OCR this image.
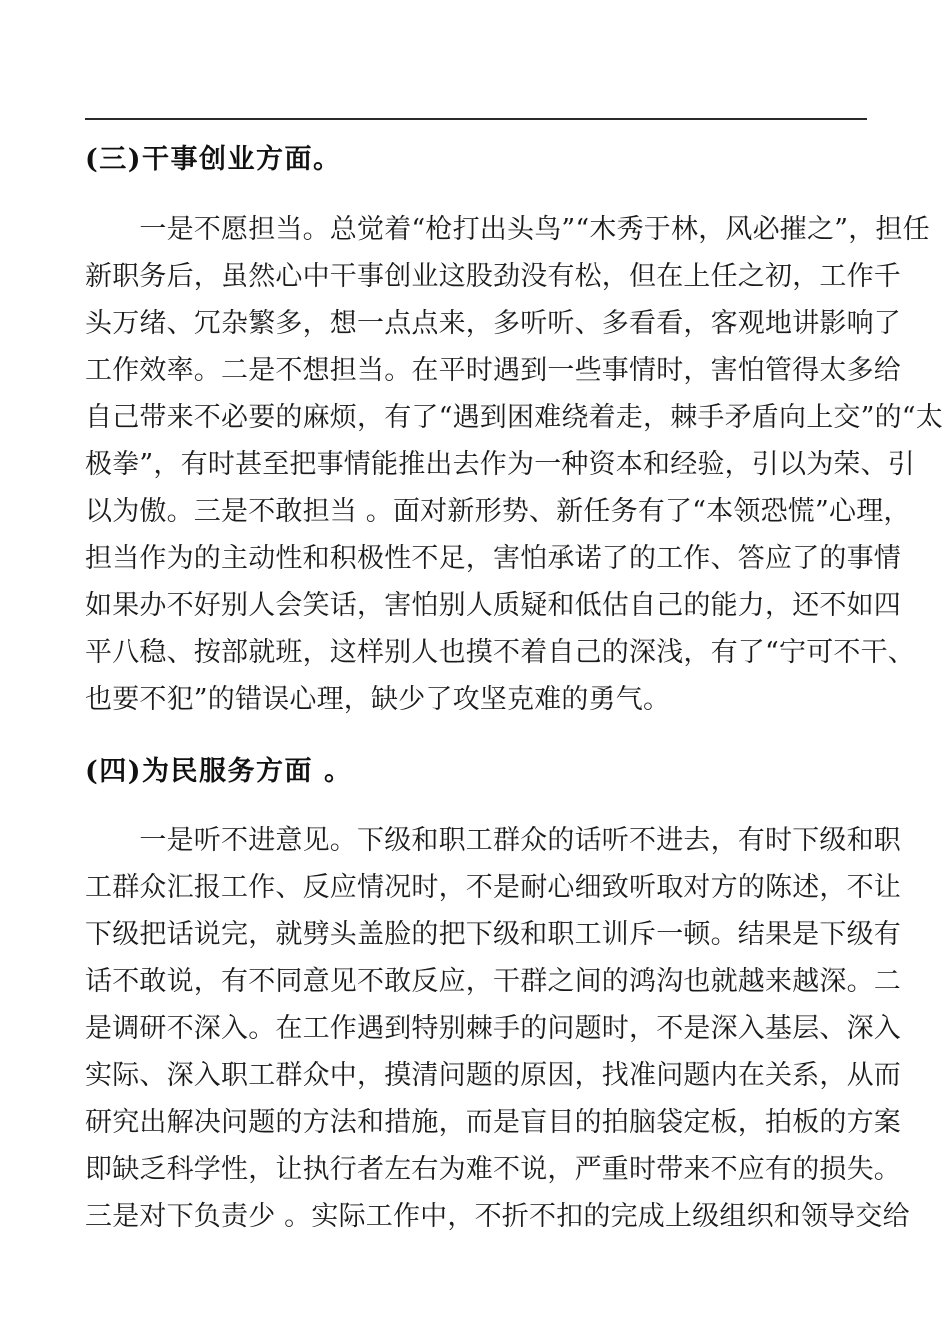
(三)干事创业方面。

　　一是不愿担当。总觉着“枪打出头鸟”“木秀于林，风必摧之”，担任
新职务后，虽然心中干事创业这股劲没有松，但在上任之初，工作千
头万绪、冗杂繁多，想一点点来，多听听、多看看，客观地讲影响了
工作效率。二是不想担当。在平时遇到一些事情时，害怕管得太多给
自己带来不必要的麻烦，有了“遇到困难绕着走，棘手矛盾向上交”的“太
极拳”，有时甚至把事情能推出去作为一种资本和经验，引以为荣、引
以为傲。三是不敢担当 。面对新形势、新任务有了“本领恐慌”心理，
担当作为的主动性和积极性不足，害怕承诺了的工作、答应了的事情
如果办不好别人会笑话，害怕别人质疑和低估自己的能力，还不如四
平八稳、按部就班，这样别人也摸不着自己的深浅，有了“宁可不干、
也要不犯”的错误心理，缺少了攻坚克难的勇气。

(四)为民服务方面 。

　　一是听不进意见。下级和职工群众的话听不进去，有时下级和职
工群众汇报工作、反应情况时，不是耐心细致听取对方的陈述，不让
下级把话说完，就劈头盖脸的把下级和职工训斥一顿。结果是下级有
话不敢说，有不同意见不敢反应，干群之间的鸿沟也就越来越深。二
是调研不深入。在工作遇到特别棘手的问题时，不是深入基层、深入
实际、深入职工群众中，摸清问题的原因，找准问题内在关系，从而
研究出解决问题的方法和措施，而是盲目的拍脑袋定板，拍板的方案
即缺乏科学性，让执行者左右为难不说，严重时带来不应有的损失。
三是对下负责少 。实际工作中，不折不扣的完成上级组织和领导交给
